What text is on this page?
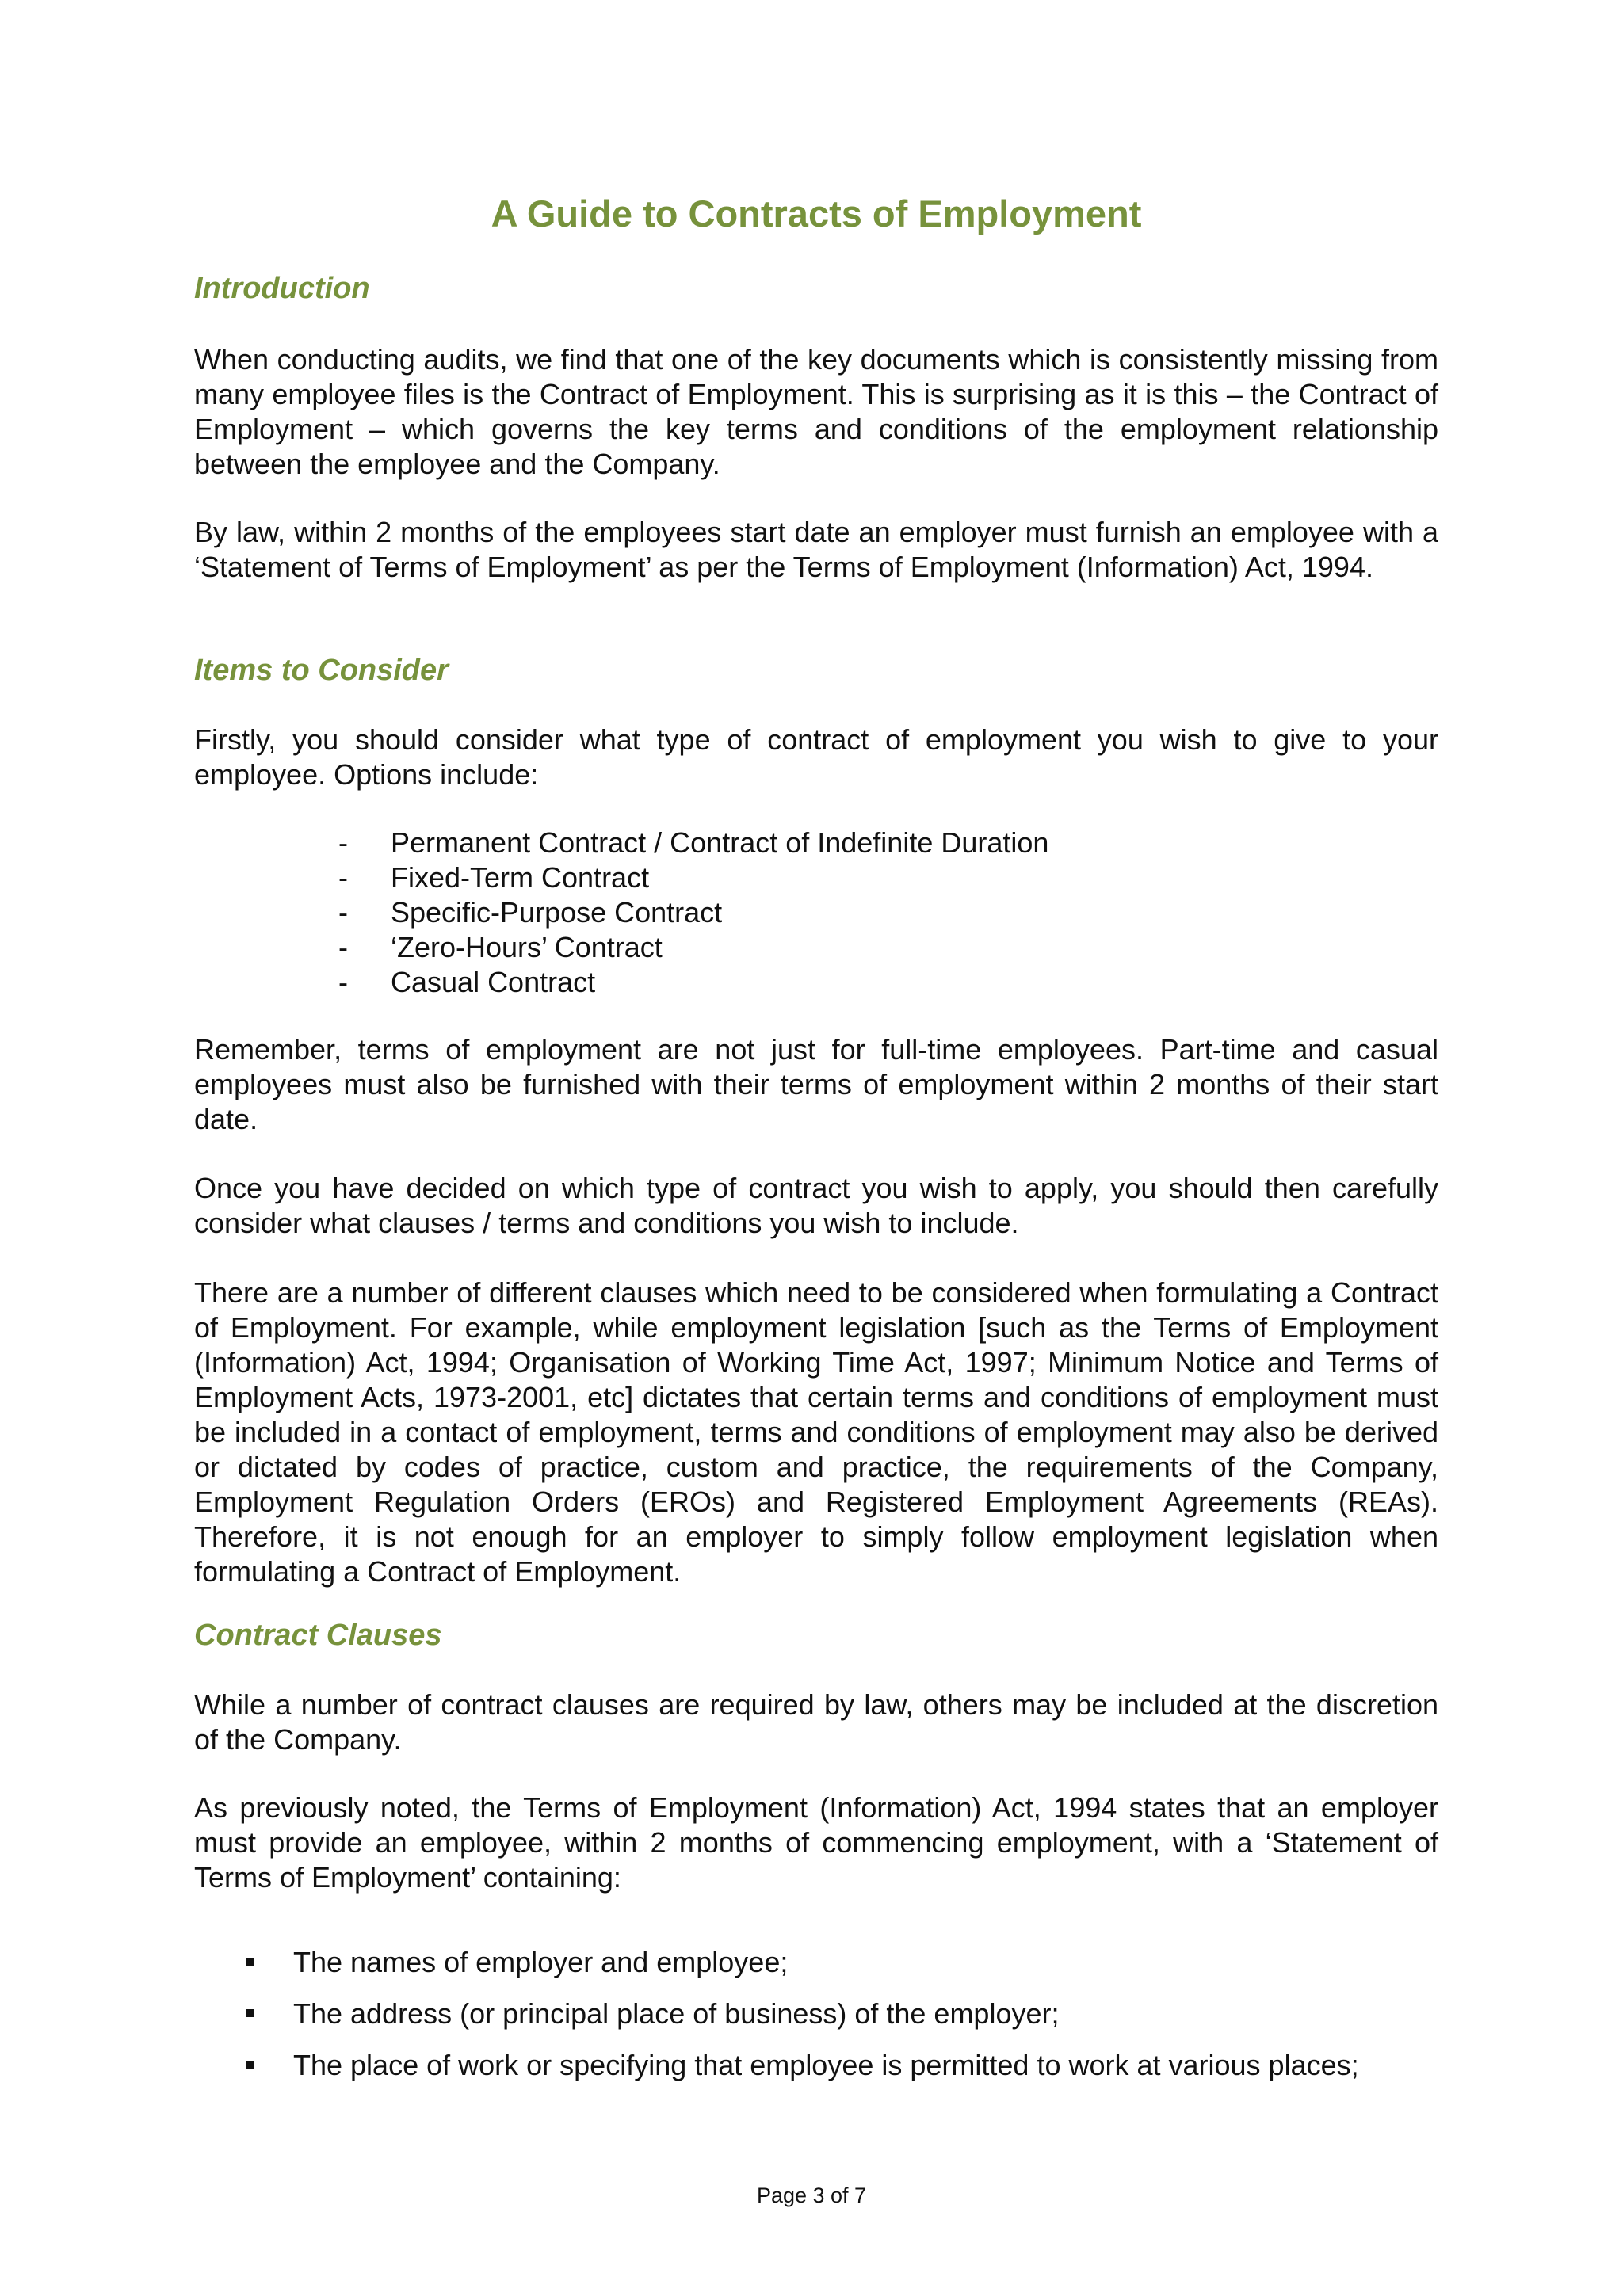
A Guide to Contracts of Employment
Introduction

When conducting audits, we find that one of the key documents which is consistently missing from many employee files is the Contract of Employment. This is surprising as it is this – the Contract of Employment – which governs the key terms and conditions of the employment relationship between the employee and the Company.

By law, within 2 months of the employees start date an employer must furnish an employee with a ‘Statement of Terms of Employment’ as per the Terms of Employment (Information) Act, 1994.

Items to Consider

Firstly, you should consider what type of contract of employment you wish to give to your employee. Options include:

- Permanent Contract / Contract of Indefinite Duration
- Fixed-Term Contract
- Specific-Purpose Contract
- ‘Zero-Hours’ Contract
- Casual Contract

Remember, terms of employment are not just for full-time employees. Part-time and casual employees must also be furnished with their terms of employment within 2 months of their start date.

Once you have decided on which type of contract you wish to apply, you should then carefully consider what clauses / terms and conditions you wish to include.

There are a number of different clauses which need to be considered when formulating a Contract of Employment. For example, while employment legislation [such as the Terms of Employment (Information) Act, 1994; Organisation of Working Time Act, 1997; Minimum Notice and Terms of Employment Acts, 1973-2001, etc] dictates that certain terms and conditions of employment must be included in a contact of employment, terms and conditions of employment may also be derived or dictated by codes of practice, custom and practice, the requirements of the Company, Employment Regulation Orders (EROs) and Registered Employment Agreements (REAs). Therefore, it is not enough for an employer to simply follow employment legislation when formulating a Contract of Employment.

Contract Clauses

While a number of contract clauses are required by law, others may be included at the discretion of the Company.

As previously noted, the Terms of Employment (Information) Act, 1994 states that an employer must provide an employee, within 2 months of commencing employment, with a ‘Statement of Terms of Employment’ containing:

The names of employer and employee;
The address (or principal place of business) of the employer;
The place of work or specifying that employee is permitted to work at various places;
Page 3 of 7
